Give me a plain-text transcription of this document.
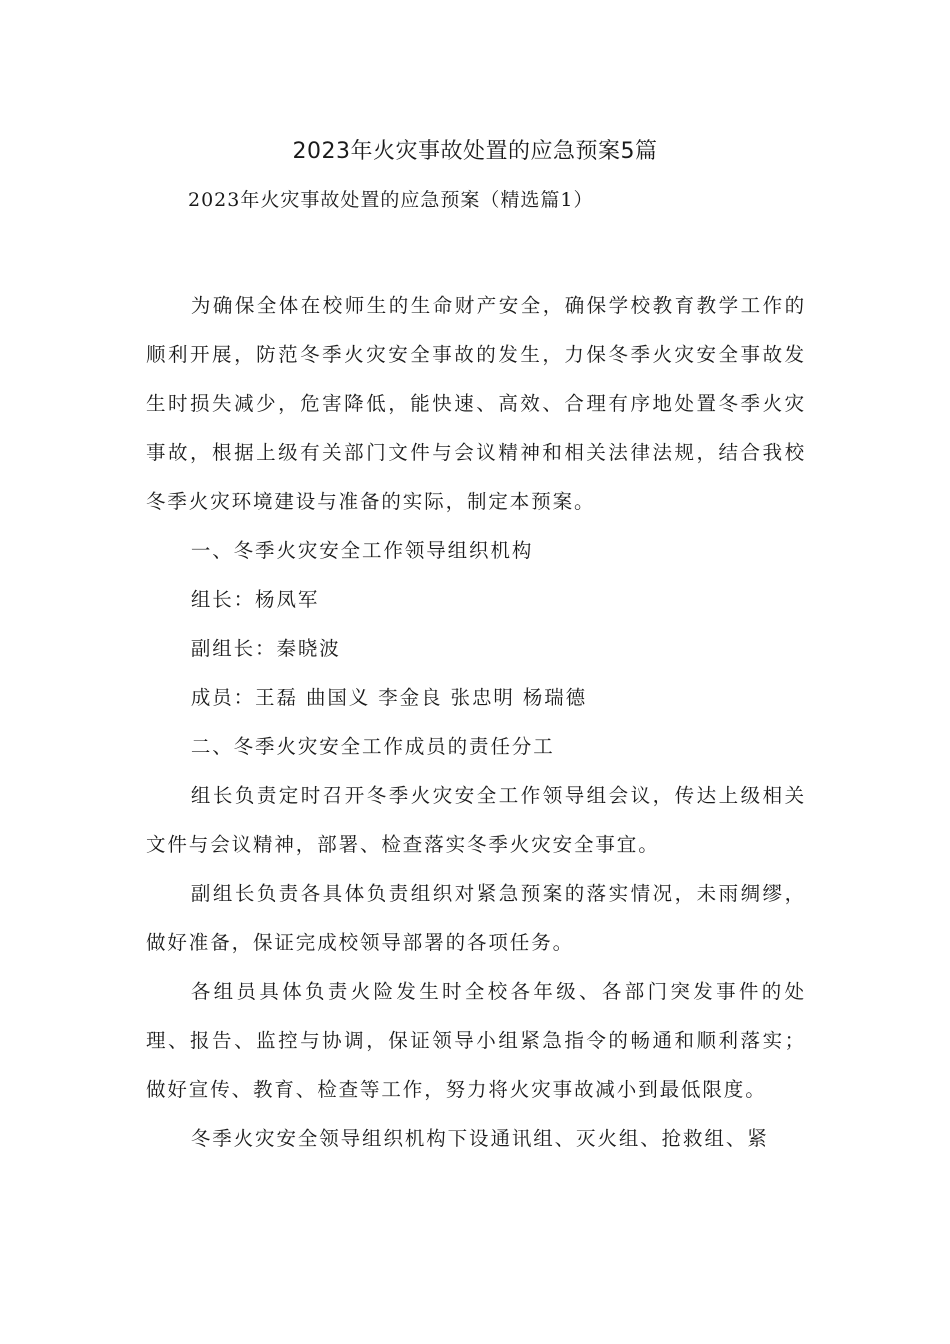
2023年火灾事故处置的应急预案5篇

2023年火灾事故处置的应急预案（精选篇1）

为确保全体在校师生的生命财产安全，确保学校教育教学工作的顺利开展，防范冬季火灾安全事故的发生，力保冬季火灾安全事故发生时损失减少，危害降低，能快速、高效、合理有序地处置冬季火灾事故，根据上级有关部门文件与会议精神和相关法律法规，结合我校冬季火灾环境建设与准备的实际，制定本预案。

一、冬季火灾安全工作领导组织机构

组长：杨凤军

副组长：秦晓波

成员：王磊 曲国义 李金良 张忠明 杨瑞德

二、冬季火灾安全工作成员的责任分工

组长负责定时召开冬季火灾安全工作领导组会议，传达上级相关文件与会议精神，部署、检查落实冬季火灾安全事宜。

副组长负责各具体负责组织对紧急预案的落实情况，未雨绸缪，做好准备，保证完成校领导部署的各项任务。

各组员具体负责火险发生时全校各年级、各部门突发事件的处理、报告、监控与协调，保证领导小组紧急指令的畅通和顺利落实；做好宣传、教育、检查等工作，努力将火灾事故减小到最低限度。

冬季火灾安全领导组织机构下设通讯组、灭火组、抢救组、紧
